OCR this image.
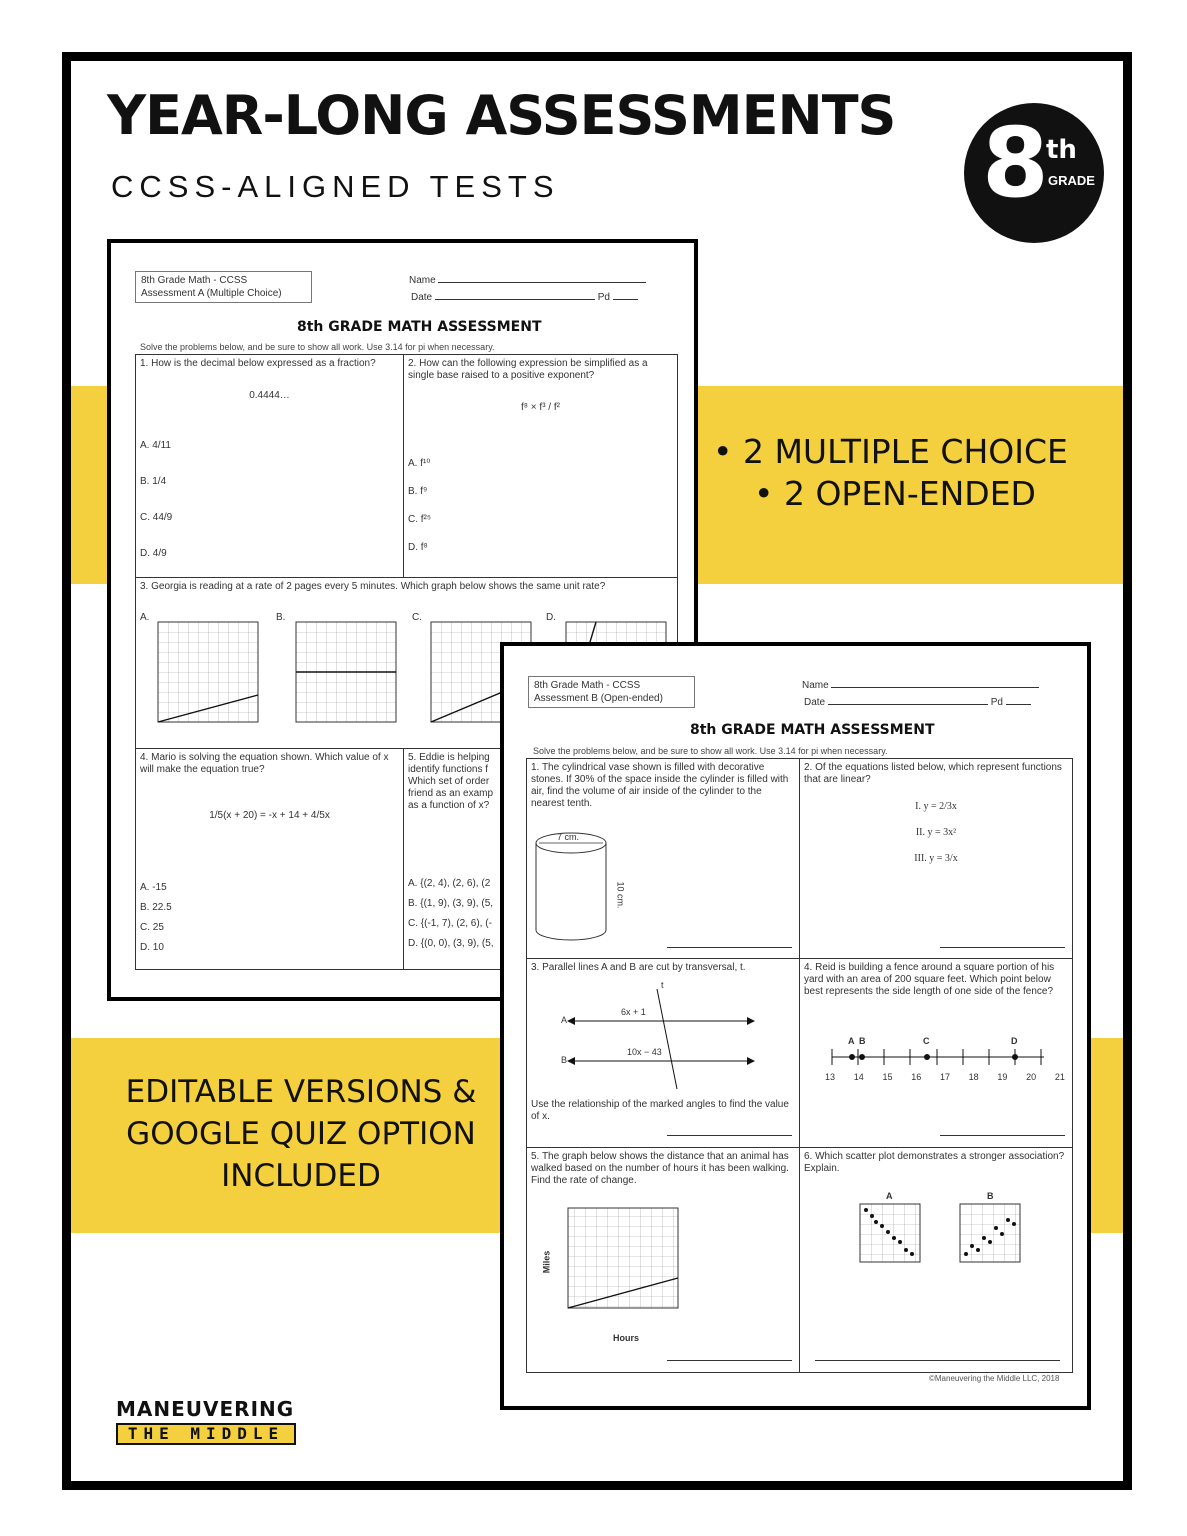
YEAR-LONG ASSESSMENTS
CCSS-ALIGNED TESTS	8
th
GRADE
• 2 MULTIPLE CHOICE
• 2 OPEN-ENDED
EDITABLE VERSIONS & GOOGLE QUIZ OPTION INCLUDED
MANEUVERING
THE MIDDLE
8th Grade Math - CCSS
Assessment A (Multiple Choice)
Name
Date	Pd
8th GRADE MATH ASSESSMENT
Solve the problems below, and be sure to show all work. Use 3.14 for pi when necessary.
1. How is the decimal below expressed as a fraction?
0.4444…
A. 4/11
B. 1/4
C. 44/9
D. 4/9
2. How can the following expression be simplified as a single base raised to a positive exponent?
f⁸ × f³ / f²
A. f¹⁰
B. f⁹
C. f²⁵
D. f⁸
3. Georgia is reading at a rate of 2 pages every 5 minutes. Which graph below shows the same unit rate?
A.	B.	C.	D.
4. Mario is solving the equation shown. Which value of x will make the equation true?
1/5(x + 20) = -x + 14 + 4/5x
A. -15
B. 22.5
C. 25
D. 10
5. Eddie is helping identify functions f Which set of order friend as an examp as a function of x?
A. {(2, 4), (2, 6), (2
B. {(1, 9), (3, 9), (5,
C. {(-1, 7), (2, 6), (-
D. {(0, 0), (3, 9), (5,
8th Grade Math - CCSS
Assessment B (Open-ended)
Name
Date	Pd
8th GRADE MATH ASSESSMENT
Solve the problems below, and be sure to show all work. Use 3.14 for pi when necessary.
1. The cylindrical vase shown is filled with decorative stones. If 30% of the space inside the cylinder is filled with air, find the volume of air inside of the cylinder to the nearest tenth.
7 cm.
10 cm.
2. Of the equations listed below, which represent functions that are linear?
I. y = 2/3x
II. y = 3x²
III. y = 3/x
3. Parallel lines A and B are cut by transversal, t.
t
A
B
6x + 1
10x − 43
Use the relationship of the marked angles to find the value of x.
4. Reid is building a fence around a square portion of his yard with an area of 200 square feet. Which point below best represents the side length of one side of the fence?
A B	C	D
13 14 15 16 17 18 19 20 21
5. The graph below shows the distance that an animal has walked based on the number of hours it has been walking. Find the rate of change.
Miles
Hours
6. Which scatter plot demonstrates a stronger association? Explain.
A	B
©Maneuvering the Middle LLC, 2018
